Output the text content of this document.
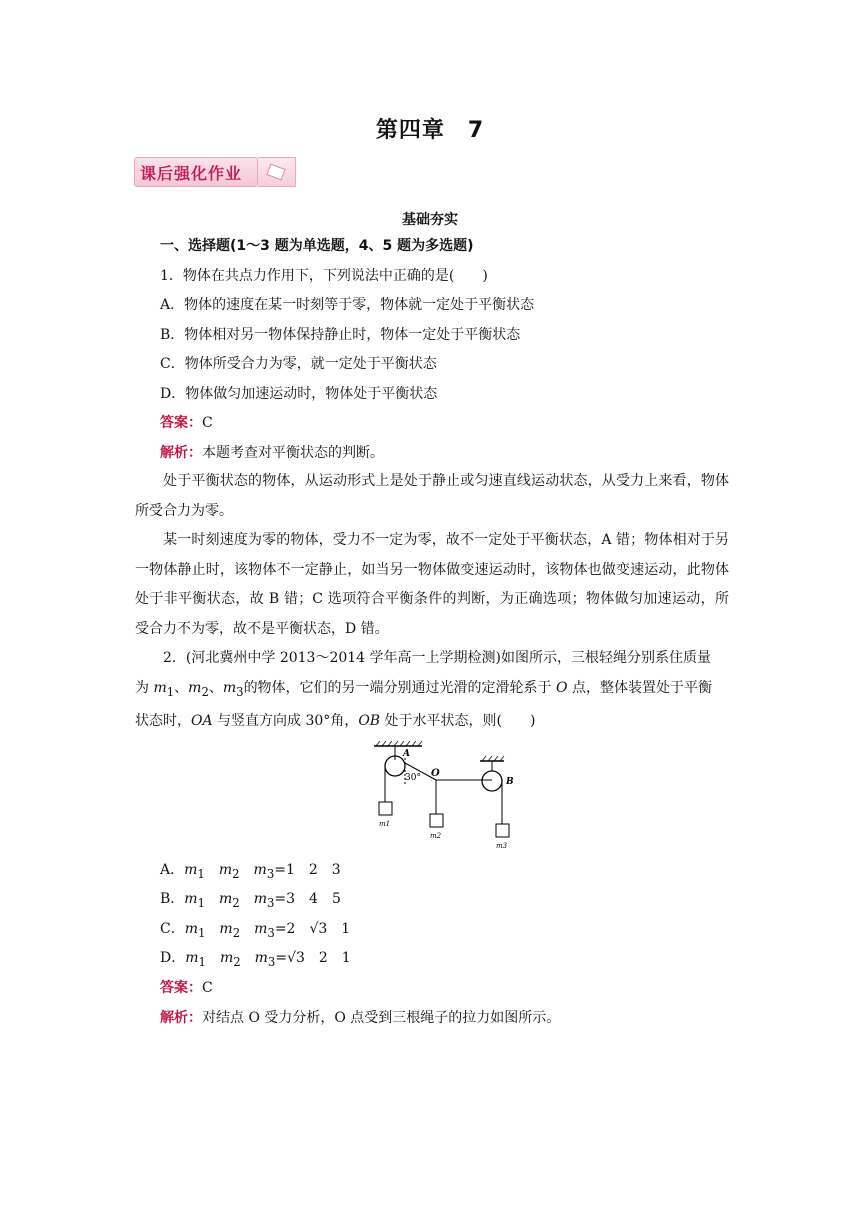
第四章　7
课后强化作业
基础夯实
一、选择题(1～3 题为单选题，4、5 题为多选题)
1．物体在共点力作用下，下列说法中正确的是(　　)
A．物体的速度在某一时刻等于零，物体就一定处于平衡状态
B．物体相对另一物体保持静止时，物体一定处于平衡状态
C．物体所受合力为零，就一定处于平衡状态
D．物体做匀加速运动时，物体处于平衡状态
答案：C
解析：本题考查对平衡状态的判断。
处于平衡状态的物体，从运动形式上是处于静止或匀速直线运动状态，从受力上来看，物体所受合力为零。
某一时刻速度为零的物体，受力不一定为零，故不一定处于平衡状态，A 错；物体相对于另一物体静止时，该物体不一定静止，如当另一物体做变速运动时，该物体也做变速运动，此物体处于非平衡状态，故 B 错；C 选项符合平衡条件的判断，为正确选项；物体做匀加速运动，所受合力不为零，故不是平衡状态，D 错。
2．(河北冀州中学 2013～2014 学年高一上学期检测)如图所示，三根轻绳分别系住质量
为 $m_1$、$m_2$、$m_3$的物体，它们的另一端分别通过光滑的定滑轮系于 O 点，整体装置处于平衡
状态时，OA 与竖直方向成 30°角，OB 处于水平状态，则(　　)
A
30° O
B
m1
m2
m3
A．$m_1$　 $m_2$　 $m_3=1$　2　3
B．$m_1$　 $m_2$　 $m_3=3$　4　5
C．$m_1$　 $m_2$　 $m_3=2$　√3　1
D．$m_1$　 $m_2$　 $m_3=√3$　2　1
答案：C
解析：对结点 O 受力分析，O 点受到三根绳子的拉力如图所示。
